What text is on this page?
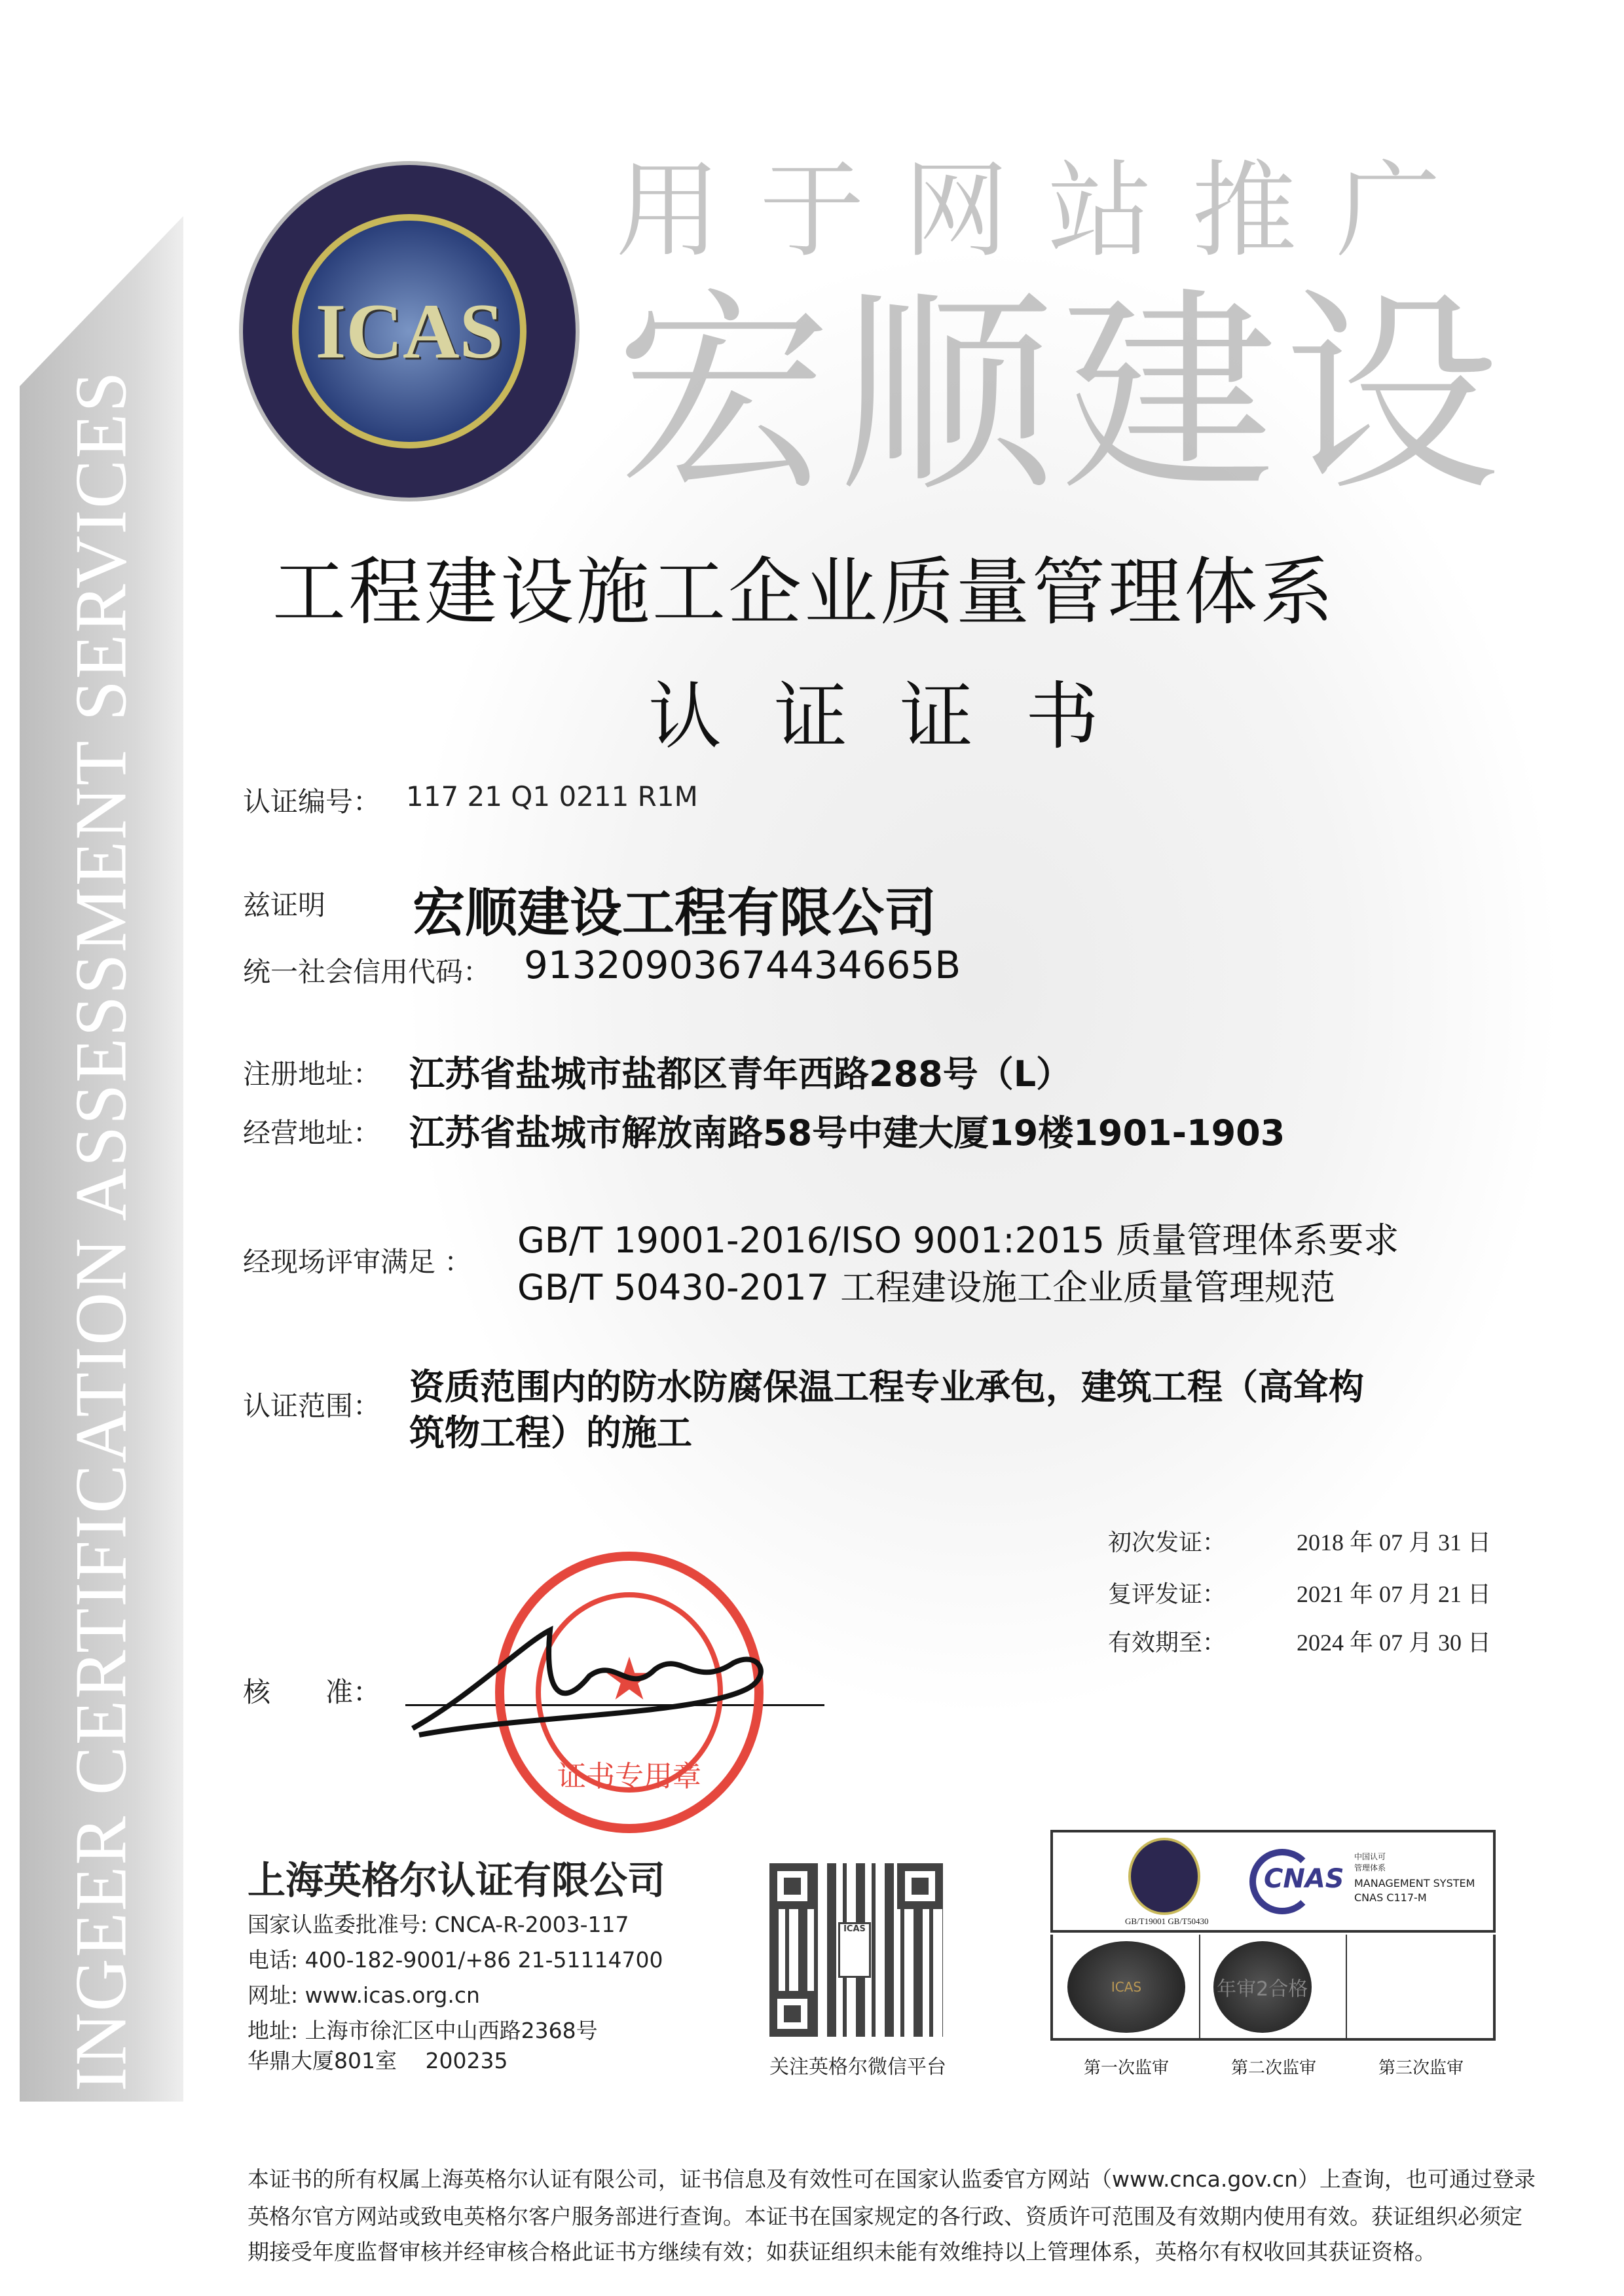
INGEER CERTIFICATION ASSESSMENT SERVICES
ICAS
用于网站推广
宏顺建设
工程建设施工企业质量管理体系
认证证书
认证编号： 117 21 Q1 0211 R1M
兹证明 宏顺建设工程有限公司
统一社会信用代码： 91320903674434665B
注册地址： 江苏省盐城市盐都区青年西路288号（L）
经营地址： 江苏省盐城市解放南路58号中建大厦19楼1901-1903
经现场评审满足 ：
GB/T 19001-2016/ISO 9001:2015 质量管理体系要求
GB/T 50430-2017 工程建设施工企业质量管理规范
认证范围： 资质范围内的防水防腐保温工程专业承包，建筑工程（高耸构
筑物工程）的施工
初次发证：	2018 年 07 月 31 日
复评发证：	2021 年 07 月 21 日
有效期至：	2024 年 07 月 30 日
核　　准：	★
证书专用章
上海英格尔认证有限公司
国家认监委批准号: CNCA-R-2003-117
电话: 400-182-9001/+86 21-51114700
网址: www.icas.org.cn
地址: 上海市徐汇区中山西路2368号
华鼎大厦801室　 200235
ICAS
关注英格尔微信平台
GB/T19001 GB/T50430
CNAS
中国认可 管理体系
MANAGEMENT SYSTEM
CNAS C117-M
ICAS	年审2合格
第一次监审	第二次监审	第三次监审
本证书的所有权属上海英格尔认证有限公司，证书信息及有效性可在国家认监委官方网站（www.cnca.gov.cn）上查询，也可通过登录
英格尔官方网站或致电英格尔客户服务部进行查询。本证书在国家规定的各行政、资质许可范围及有效期内使用有效。获证组织必须定
期接受年度监督审核并经审核合格此证书方继续有效；如获证组织未能有效维持以上管理体系，英格尔有权收回其获证资格。
